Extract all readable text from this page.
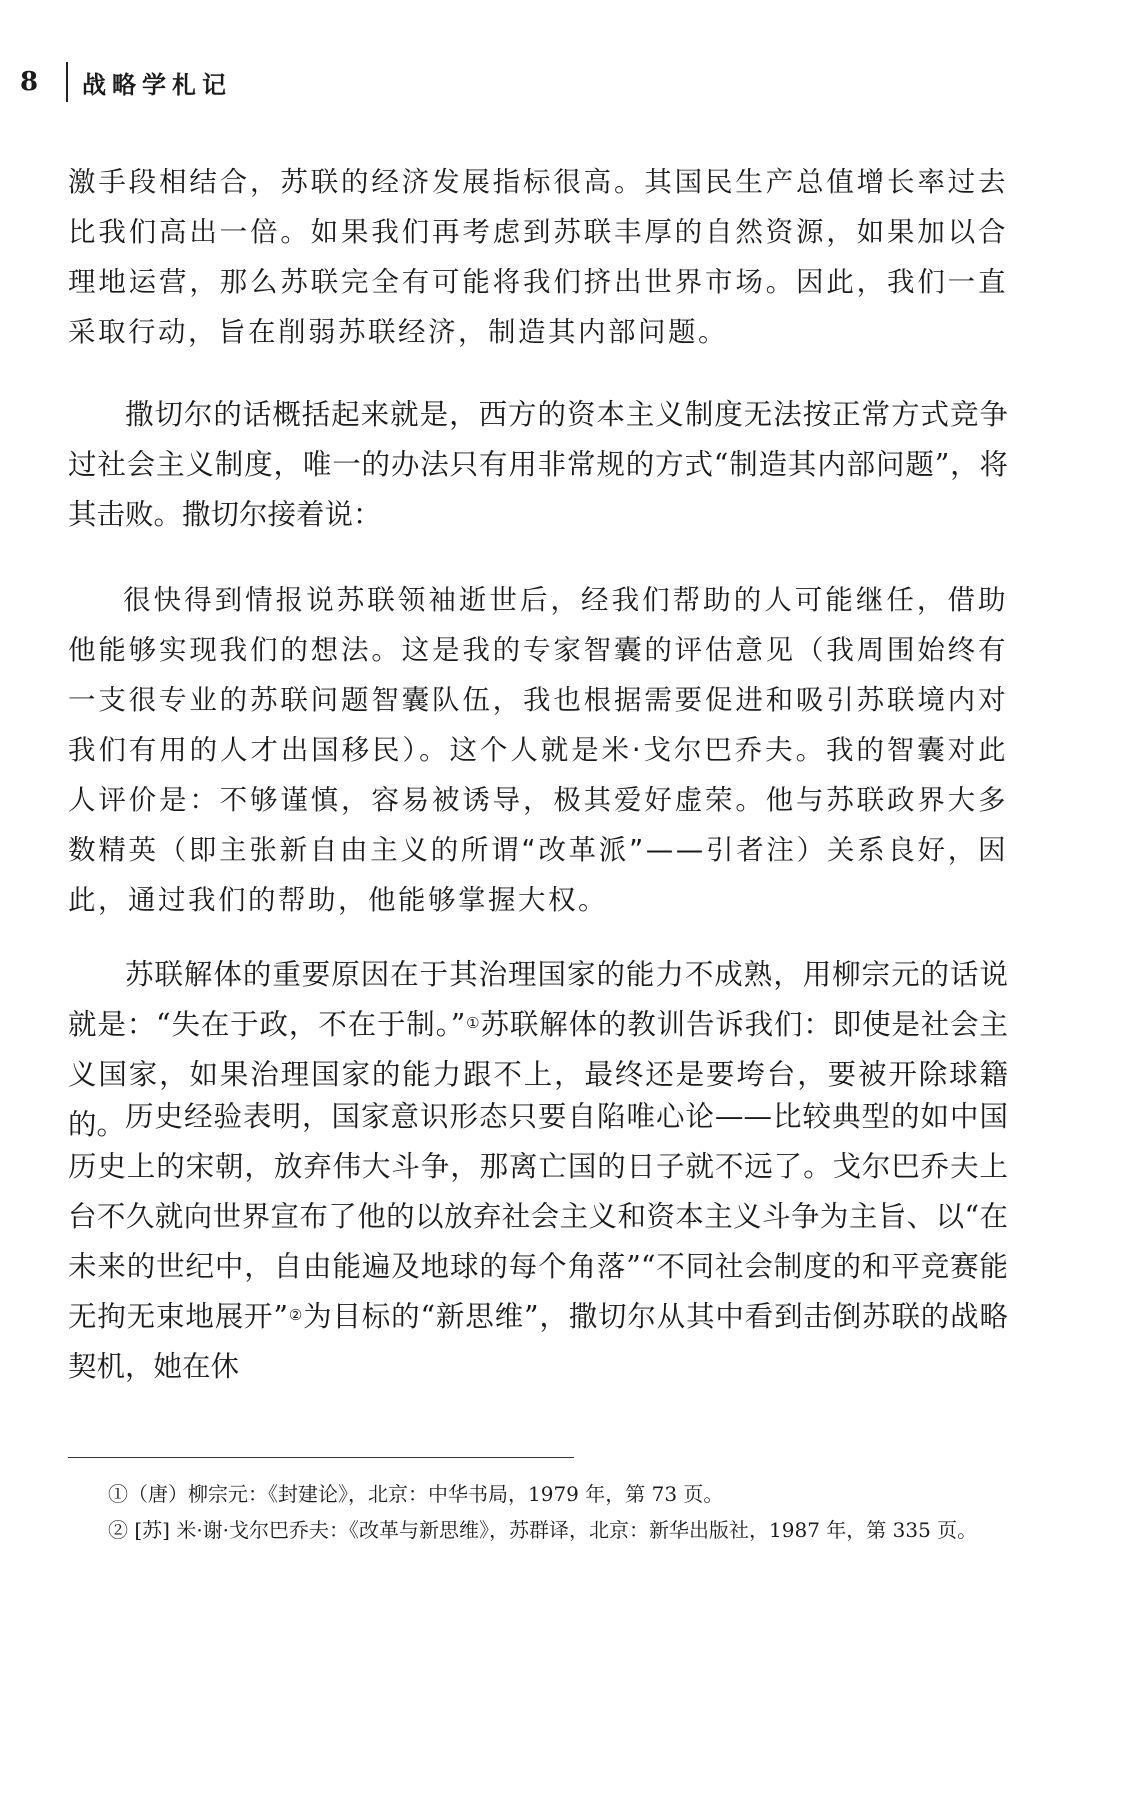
8	战略学札记

激手段相结合，苏联的经济发展指标很高。其国民生产总值增长率过去比我们高出一倍。如果我们再考虑到苏联丰厚的自然资源，如果加以合理地运营，那么苏联完全有可能将我们挤出世界市场。因此，我们一直采取行动，旨在削弱苏联经济，制造其内部问题。

撒切尔的话概括起来就是，西方的资本主义制度无法按正常方式竞争过社会主义制度，唯一的办法只有用非常规的方式“制造其内部问题”，将其击败。撒切尔接着说：

很快得到情报说苏联领袖逝世后，经我们帮助的人可能继任，借助他能够实现我们的想法。这是我的专家智囊的评估意见（我周围始终有一支很专业的苏联问题智囊队伍，我也根据需要促进和吸引苏联境内对我们有用的人才出国移民）。这个人就是米·戈尔巴乔夫。我的智囊对此人评价是：不够谨慎，容易被诱导，极其爱好虚荣。他与苏联政界大多数精英（即主张新自由主义的所谓“改革派”——引者注）关系良好，因此，通过我们的帮助，他能够掌握大权。

苏联解体的重要原因在于其治理国家的能力不成熟，用柳宗元的话说就是：“失在于政，不在于制。”①苏联解体的教训告诉我们：即使是社会主义国家，如果治理国家的能力跟不上，最终还是要垮台，要被开除球籍的。 历史经验表明，国家意识形态只要自陷唯心论——比较典型的如中国历史上的宋朝，放弃伟大斗争，那离亡国的日子就不远了。戈尔巴乔夫上台不久就向世界宣布了他的以放弃社会主义和资本主义斗争为主旨、以“在未来的世纪中，自由能遍及地球的每个角落”“不同社会制度的和平竞赛能无拘无束地展开”②为目标的“新思维”，撒切尔从其中看到击倒苏联的战略契机，她在休

①（唐）柳宗元：《封建论》，北京：中华书局，1979 年，第 73 页。

② [苏] 米·谢·戈尔巴乔夫：《改革与新思维》，苏群译，北京：新华出版社，1987 年，第 335 页。
